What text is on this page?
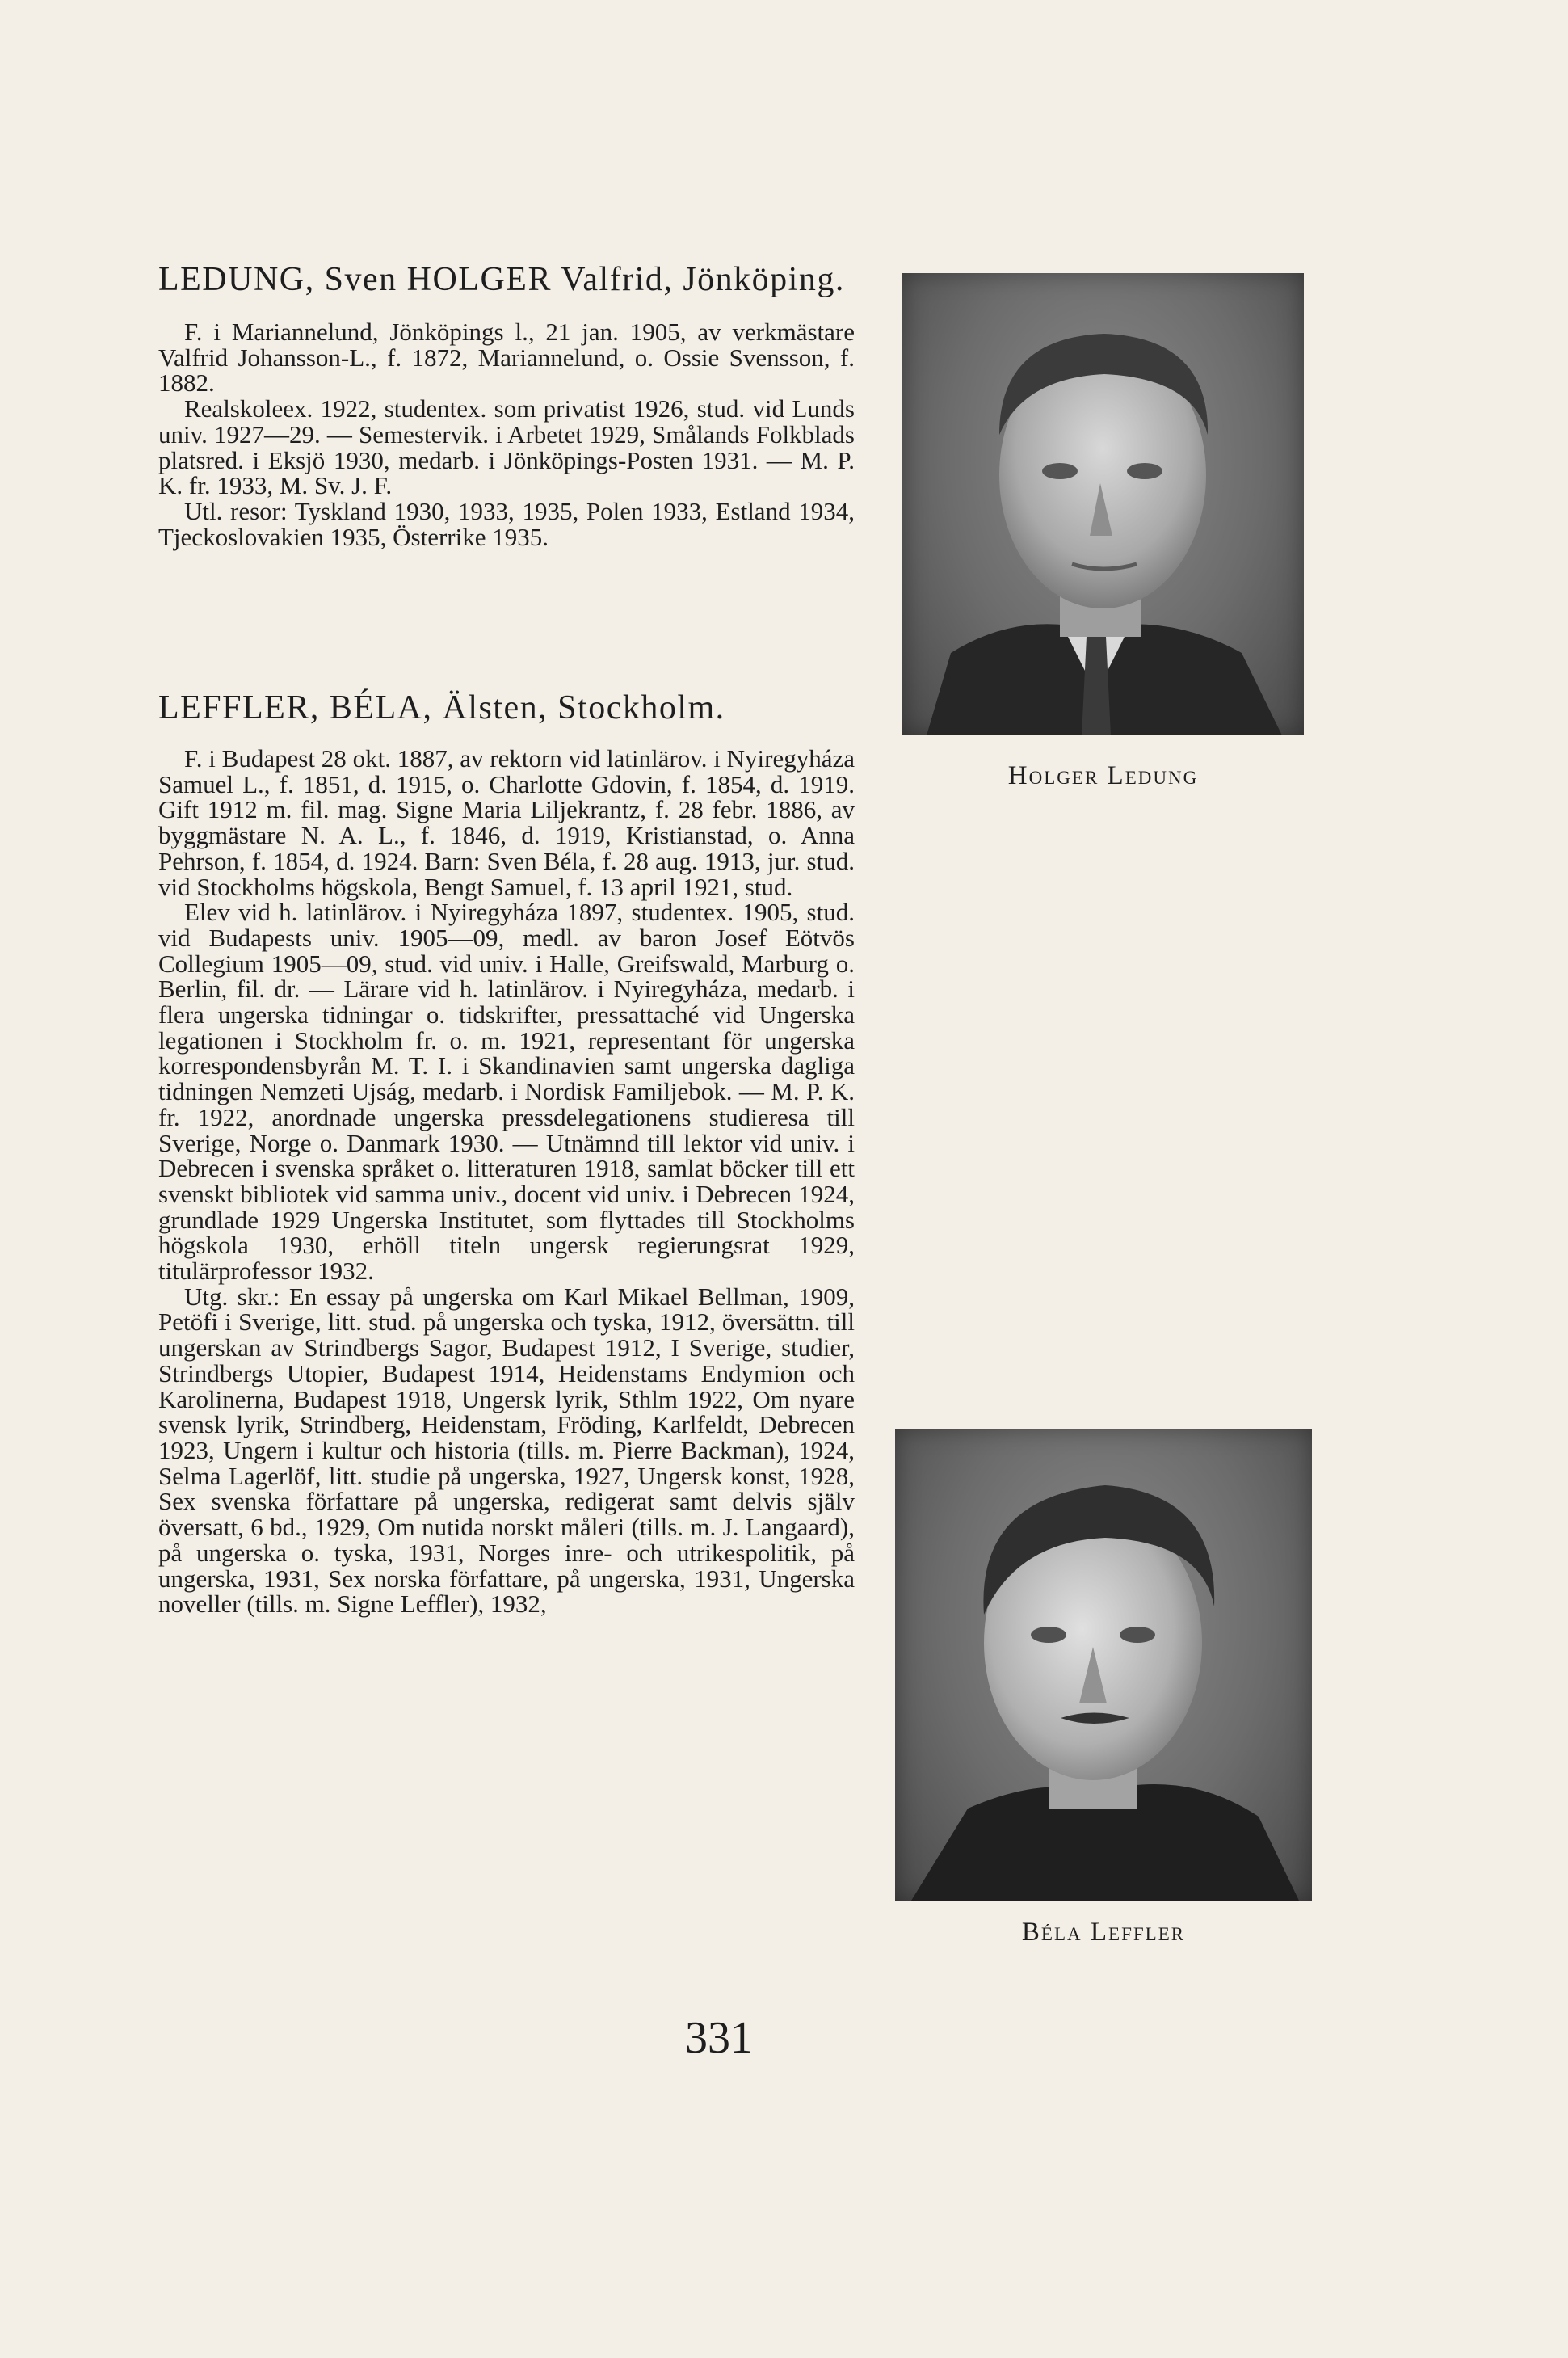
LEDUNG, Sven HOLGER Valfrid, Jönköping.

F. i Mariannelund, Jönköpings l., 21 jan. 1905, av verkmästare Valfrid Johansson-L., f. 1872, Mariannelund, o. Ossie Svensson, f. 1882.

Realskoleex. 1922, studentex. som privatist 1926, stud. vid Lunds univ. 1927—29. — Semestervik. i Arbetet 1929, Smålands Folkblads platsred. i Eksjö 1930, medarb. i Jönköpings-Posten 1931. — M. P. K. fr. 1933, M. Sv. J. F.

Utl. resor: Tyskland 1930, 1933, 1935, Polen 1933, Estland 1934, Tjeckoslovakien 1935, Österrike 1935.

Holger Ledung

LEFFLER, BÉLA, Älsten, Stockholm.

F. i Budapest 28 okt. 1887, av rektorn vid latinlärov. i Nyiregyháza Samuel L., f. 1851, d. 1915, o. Charlotte Gdovin, f. 1854, d. 1919. Gift 1912 m. fil. mag. Signe Maria Liljekrantz, f. 28 febr. 1886, av byggmästare N. A. L., f. 1846, d. 1919, Kristianstad, o. Anna Pehrson, f. 1854, d. 1924. Barn: Sven Béla, f. 28 aug. 1913, jur. stud. vid Stockholms högskola, Bengt Samuel, f. 13 april 1921, stud.

Elev vid h. latinlärov. i Nyiregyháza 1897, studentex. 1905, stud. vid Budapests univ. 1905—09, medl. av baron Josef Eötvös Collegium 1905—09, stud. vid univ. i Halle, Greifswald, Marburg o. Berlin, fil. dr. — Lärare vid h. latinlärov. i Nyiregyháza, medarb. i flera ungerska tidningar o. tidskrifter, pressattaché vid Ungerska legationen i Stockholm fr. o. m. 1921, representant för ungerska korrespondensbyrån M. T. I. i Skandinavien samt ungerska dagliga tidningen Nemzeti Ujság, medarb. i Nordisk Familjebok. — M. P. K. fr. 1922, anordnade ungerska pressdelegationens studieresa till Sverige, Norge o. Danmark 1930. — Utnämnd till lektor vid univ. i Debrecen i svenska språket o. litteraturen 1918, samlat böcker till ett svenskt bibliotek vid samma univ., docent vid univ. i Debrecen 1924, grundlade 1929 Ungerska Institutet, som flyttades till Stockholms högskola 1930, erhöll titeln ungersk regierungsrat 1929, titulärprofessor 1932.

Utg. skr.: En essay på ungerska om Karl Mikael Bellman, 1909, Petöfi i Sverige, litt. stud. på ungerska och tyska, 1912, översättn. till ungerskan av Strindbergs Sagor, Budapest 1912, I Sverige, studier, Strindbergs Utopier, Budapest 1914, Heidenstams Endymion och Karolinerna, Budapest 1918, Ungersk lyrik, Sthlm 1922, Om nyare svensk lyrik, Strindberg, Heidenstam, Fröding, Karlfeldt, Debrecen 1923, Ungern i kultur och historia (tills. m. Pierre Backman), 1924, Selma Lagerlöf, litt. studie på ungerska, 1927, Ungersk konst, 1928, Sex svenska författare på ungerska, redigerat samt delvis själv översatt, 6 bd., 1929, Om nutida norskt måleri (tills. m. J. Langaard), på ungerska o. tyska, 1931, Norges inre- och utrikespolitik, på ungerska, 1931, Sex norska författare, på ungerska, 1931, Ungerska noveller (tills. m. Signe Leffler), 1932,

Béla Leffler

331
